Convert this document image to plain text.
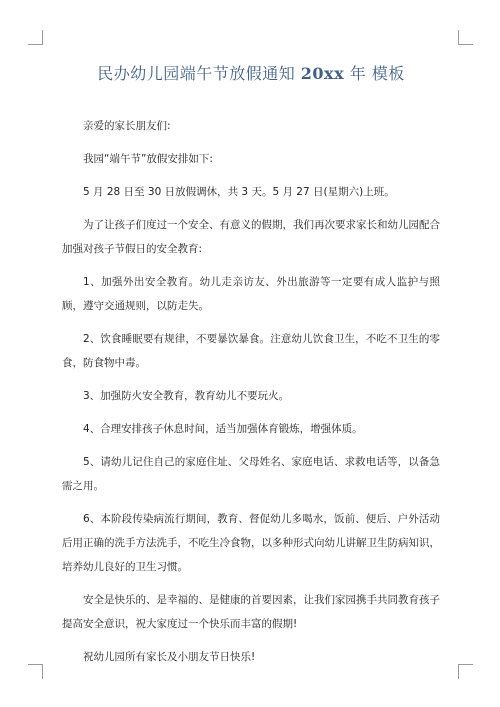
民办幼儿园端午节放假通知 20xx 年 模板

亲爱的家长朋友们:

我园“端午节”放假安排如下:

5 月 28 日至 30 日放假调休，共 3 天。5 月 27 日(星期六)上班。

为了让孩子们度过一个安全、有意义的假期，我们再次要求家长和幼儿园配合加强对孩子节假日的安全教育:

1、加强外出安全教育。幼儿走亲访友、外出旅游等一定要有成人监护与照顾，遵守交通规则，以防走失。

2、饮食睡眠要有规律，不要暴饮暴食。注意幼儿饮食卫生，不吃不卫生的零食，防食物中毒。

3、加强防火安全教育，教育幼儿不要玩火。

4、合理安排孩子休息时间，适当加强体育锻炼，增强体质。

5、请幼儿记住自己的家庭住址、父母姓名、家庭电话、求救电话等，以备急需之用。

6、本阶段传染病流行期间，教育、督促幼儿多喝水，饭前、便后、户外活动后用正确的洗手方法洗手，不吃生冷食物，以多种形式向幼儿讲解卫生防病知识，培养幼儿良好的卫生习惯。

安全是快乐的、是幸福的、是健康的首要因素，让我们家园携手共同教育孩子提高安全意识，祝大家度过一个快乐而丰富的假期!

祝幼儿园所有家长及小朋友节日快乐!
